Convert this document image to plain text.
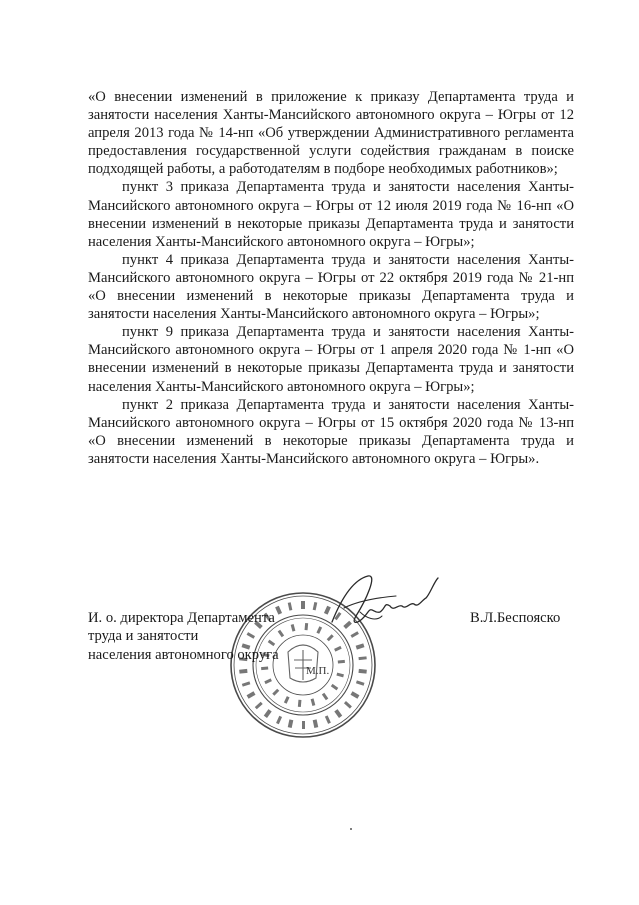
«О внесении изменений в приложение к приказу Департамента труда и занятости населения Ханты-Мансийского автономного округа – Югры от 12 апреля 2013 года № 14-нп «Об утверждении Административного регламента предоставления государственной услуги содействия гражданам в поиске подходящей работы, а работодателям в подборе необходимых работников»;

пункт 3 приказа Департамента труда и занятости населения Ханты-Мансийского автономного округа – Югры от 12 июля 2019 года № 16-нп «О внесении изменений в некоторые приказы Департамента труда и занятости населения Ханты-Мансийского автономного округа – Югры»;

пункт 4 приказа Департамента труда и занятости населения Ханты-Мансийского автономного округа – Югры от 22 октября 2019 года № 21-нп «О внесении изменений в некоторые приказы Департамента труда и занятости населения Ханты-Мансийского автономного округа – Югры»;

пункт 9 приказа Департамента труда и занятости населения Ханты-Мансийского автономного округа – Югры от 1 апреля 2020 года № 1-нп «О внесении изменений в некоторые приказы Департамента труда и занятости населения Ханты-Мансийского автономного округа – Югры»;

пункт 2 приказа Департамента труда и занятости населения Ханты-Мансийского автономного округа – Югры от 15 октября 2020 года № 13-нп «О внесении изменений в некоторые приказы Департамента труда и занятости населения Ханты-Мансийского автономного округа – Югры».

М.П.
И. о. директора Департамента
труда и занятости
населения автономного округа
В.Л.Беспояско
